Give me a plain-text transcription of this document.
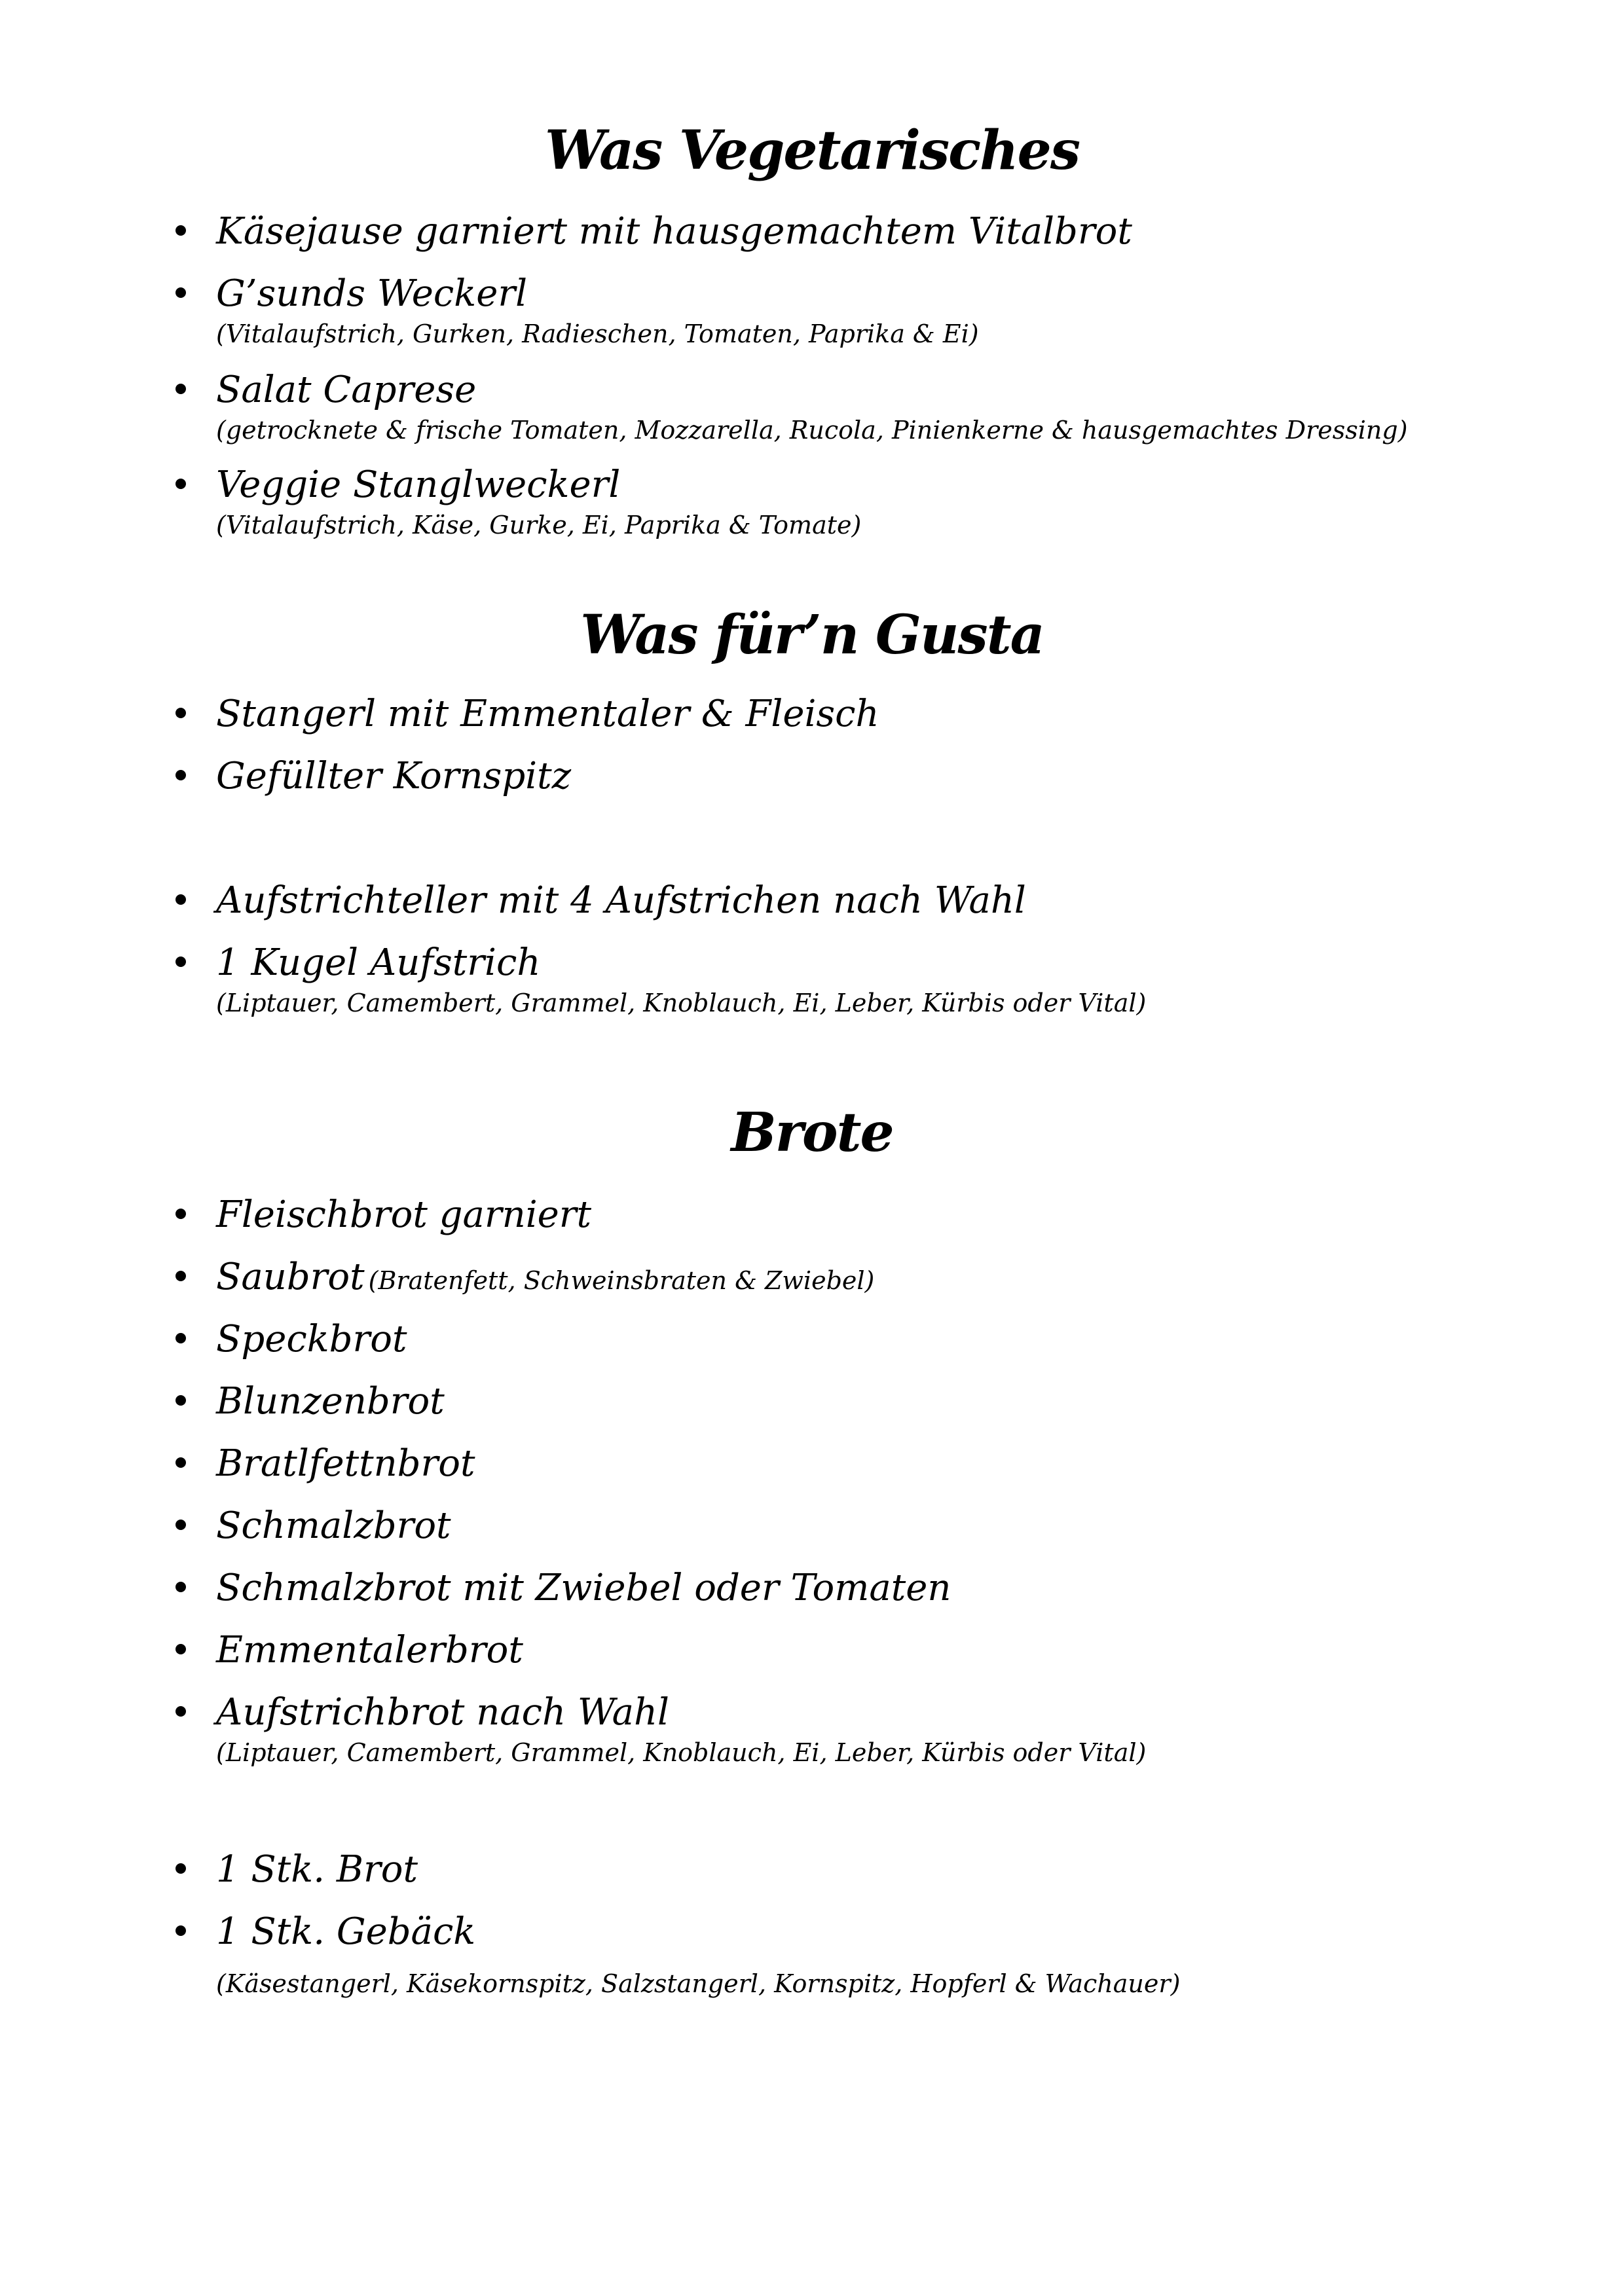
Was Vegetarisches
Käsejause garniert mit hausgemachtem Vitalbrot
G’sunds Weckerl
(Vitalaufstrich, Gurken, Radieschen, Tomaten, Paprika & Ei)
Salat Caprese
(getrocknete & frische Tomaten, Mozzarella, Rucola, Pinienkerne & hausgemachtes Dressing)
Veggie Stanglweckerl
(Vitalaufstrich, Käse, Gurke, Ei, Paprika & Tomate)
Was für’n Gusta
Stangerl mit Emmentaler & Fleisch
Gefüllter Kornspitz
Aufstrichteller mit 4 Aufstrichen nach Wahl
1 Kugel Aufstrich
(Liptauer, Camembert, Grammel, Knoblauch, Ei, Leber, Kürbis oder Vital)
Brote
Fleischbrot garniert
Saubrot (Bratenfett, Schweinsbraten & Zwiebel)
Speckbrot
Blunzenbrot
Bratlfettnbrot
Schmalzbrot
Schmalzbrot mit Zwiebel oder Tomaten
Emmentalerbrot
Aufstrichbrot nach Wahl
(Liptauer, Camembert, Grammel, Knoblauch, Ei, Leber, Kürbis oder Vital)
1 Stk. Brot
1 Stk. Gebäck
(Käsestangerl, Käsekornspitz, Salzstangerl, Kornspitz, Hopferl & Wachauer)
